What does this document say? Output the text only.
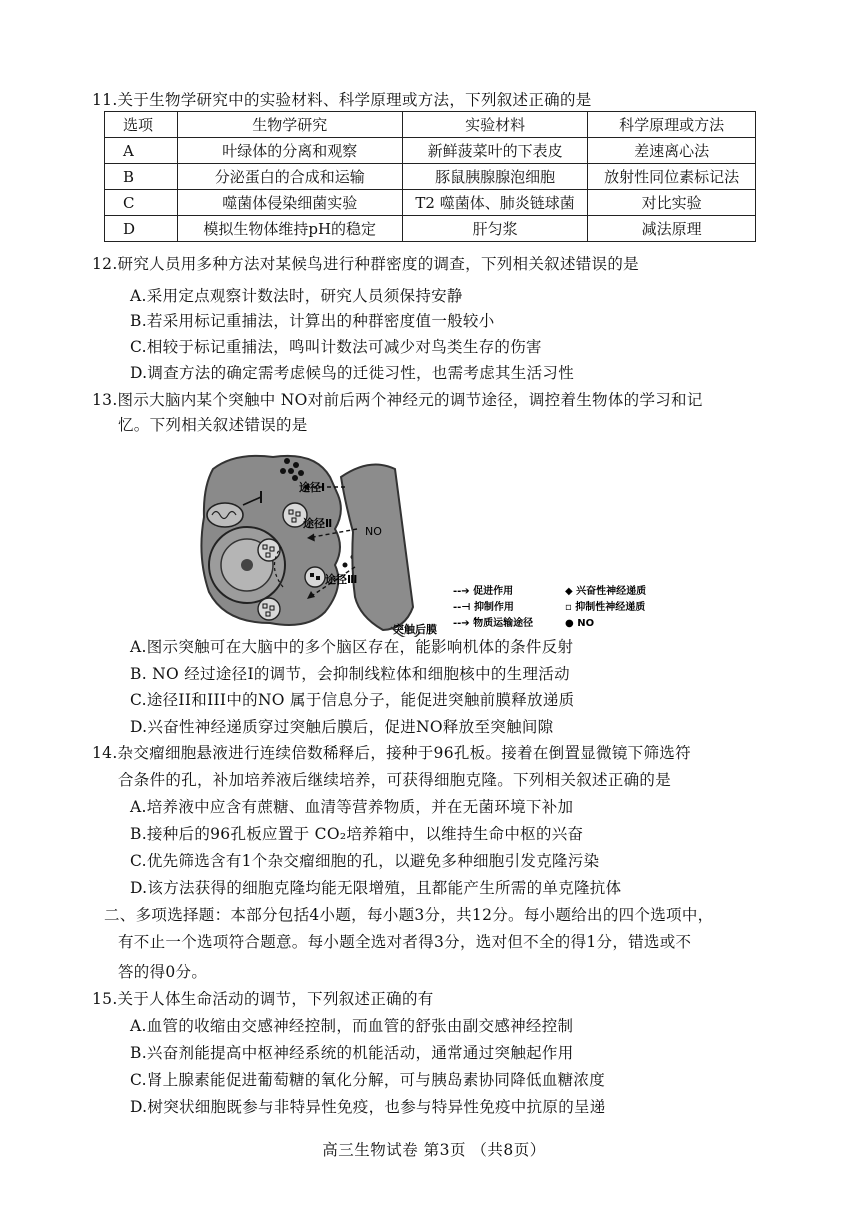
11.关于生物学研究中的实验材料、科学原理或方法，下列叙述正确的是
选项	生物学研究	实验材料	科学原理或方法
A	叶绿体的分离和观察	新鲜菠菜叶的下表皮	差速离心法
B	分泌蛋白的合成和运输	豚鼠胰腺腺泡细胞	放射性同位素标记法
C	噬菌体侵染细菌实验	T2 噬菌体、肺炎链球菌	对比实验
D	模拟生物体维持pH的稳定	肝匀浆	减法原理
12.研究人员用多种方法对某候鸟进行种群密度的调查，下列相关叙述错误的是
A.采用定点观察计数法时，研究人员须保持安静
B.若采用标记重捕法，计算出的种群密度值一般较小
C.相较于标记重捕法，鸣叫计数法可减少对鸟类生存的伤害
D.调查方法的确定需考虑候鸟的迁徙习性，也需考虑其生活习性
13.图示大脑内某个突触中 NO对前后两个神经元的调节途径，调控着生物体的学习和记
忆。下列相关叙述错误的是
途径Ⅰ
途径Ⅱ
途径Ⅲ
NO
突触后膜
--➔ 促进作用
--⊣ 抑制作用
--➔ 物质运输途径
◆ 兴奋性神经递质
▫ 抑制性神经递质
● NO
A.图示突触可在大脑中的多个脑区存在，能影响机体的条件反射
B. NO 经过途径Ⅰ的调节，会抑制线粒体和细胞核中的生理活动
C.途径II和III中的NO 属于信息分子，能促进突触前膜释放递质
D.兴奋性神经递质穿过突触后膜后，促进NO释放至突触间隙
14.杂交瘤细胞悬液进行连续倍数稀释后，接种于96孔板。接着在倒置显微镜下筛选符
合条件的孔，补加培养液后继续培养，可获得细胞克隆。下列相关叙述正确的是
A.培养液中应含有蔗糖、血清等营养物质，并在无菌环境下补加
B.接种后的96孔板应置于 CO₂培养箱中，以维持生命中枢的兴奋
C.优先筛选含有1个杂交瘤细胞的孔，以避免多种细胞引发克隆污染
D.该方法获得的细胞克隆均能无限增殖，且都能产生所需的单克隆抗体
二、多项选择题：本部分包括4小题，每小题3分，共12分。每小题给出的四个选项中，
有不止一个选项符合题意。每小题全选对者得3分，选对但不全的得1分，错选或不
答的得0分。
15.关于人体生命活动的调节，下列叙述正确的有
A.血管的收缩由交感神经控制，而血管的舒张由副交感神经控制
B.兴奋剂能提高中枢神经系统的机能活动，通常通过突触起作用
C.肾上腺素能促进葡萄糖的氧化分解，可与胰岛素协同降低血糖浓度
D.树突状细胞既参与非特异性免疫，也参与特异性免疫中抗原的呈递
高三生物试卷 第3页 （共8页）
